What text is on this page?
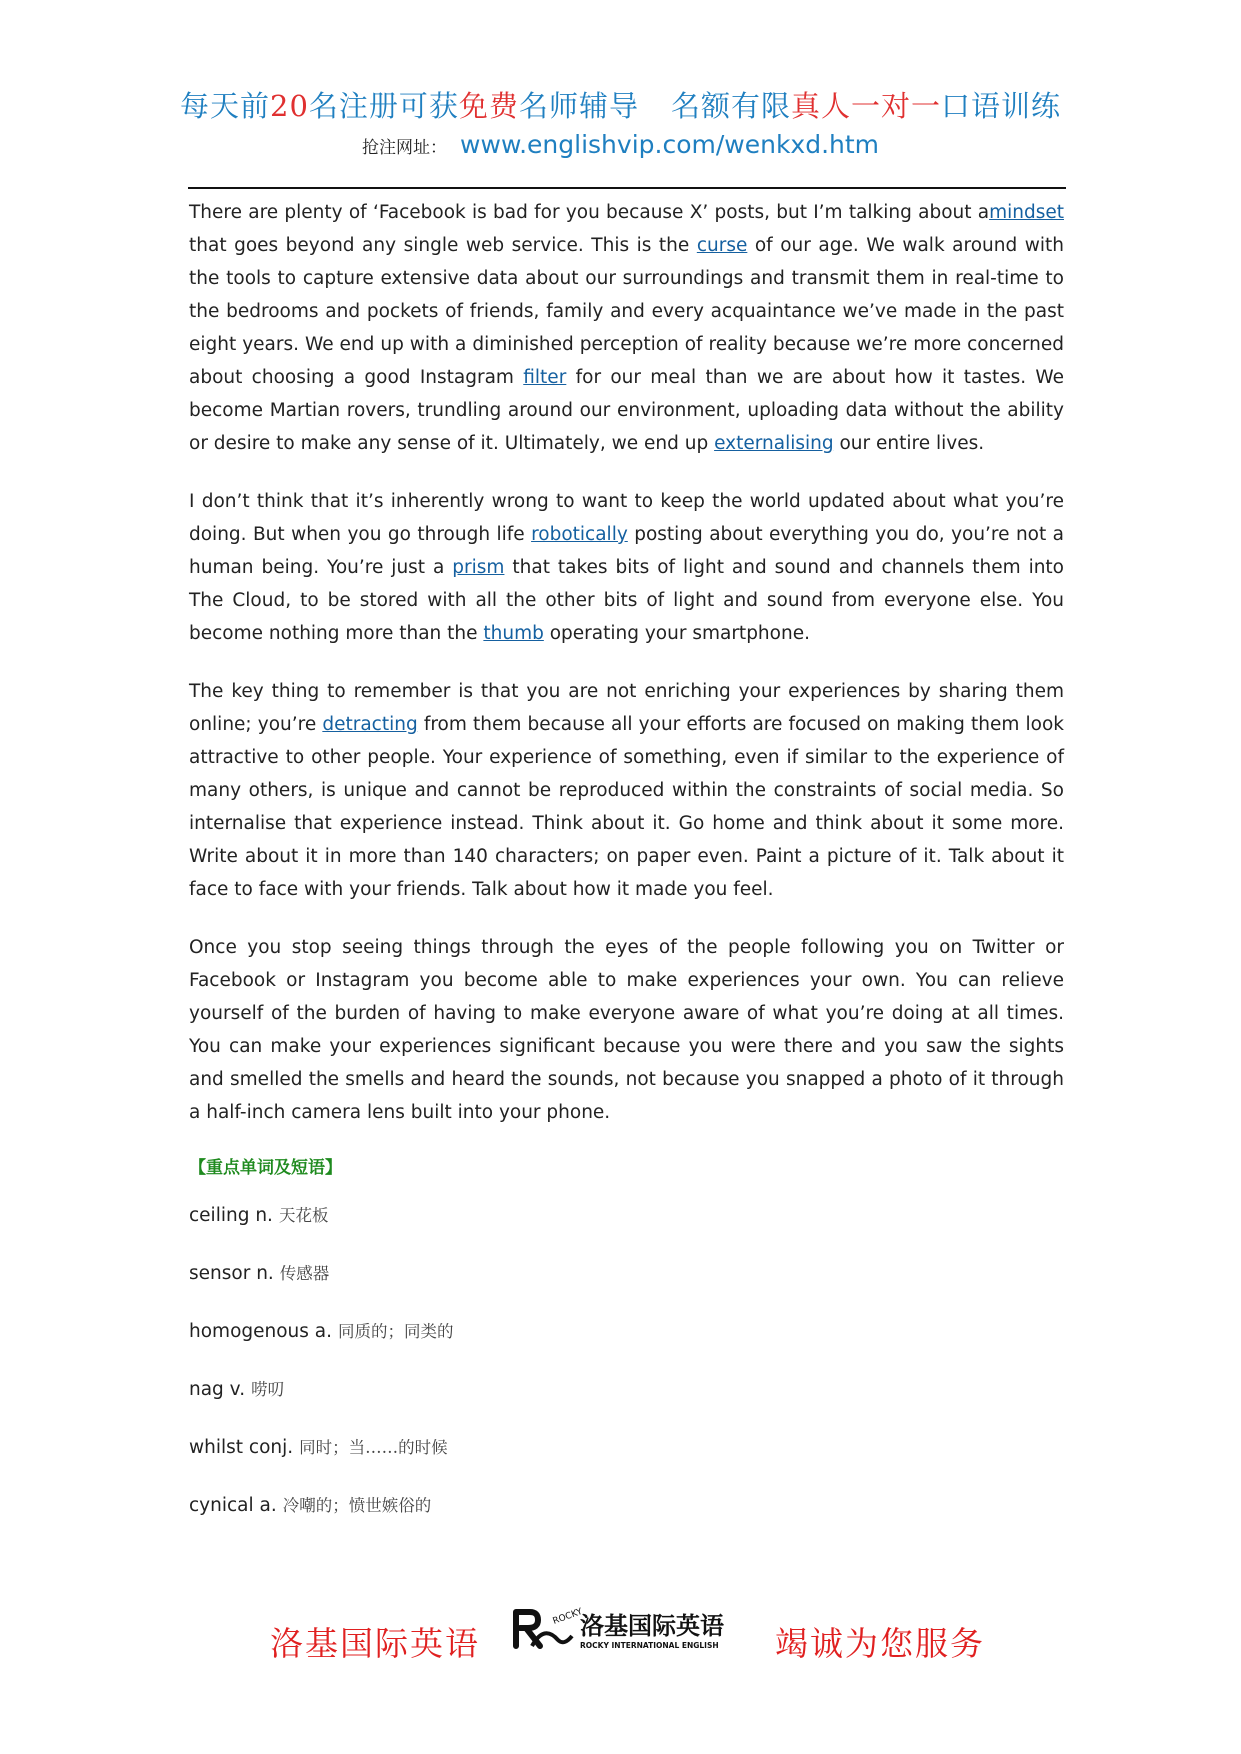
每天前20名注册可获免费名师辅导 名额有限真人一对一口语训练
抢注网址： www.englishvip.com/wenkxd.htm

There are plenty of ‘Facebook is bad for you because X’ posts, but I’m talking about amindset that goes beyond any single web service. This is the curse of our age. We walk around with the tools to capture extensive data about our surroundings and transmit them in real-time to the bedrooms and pockets of friends, family and every acquaintance we’ve made in the past eight years. We end up with a diminished perception of reality because we’re more concerned about choosing a good Instagram filter for our meal than we are about how it tastes. We become Martian rovers, trundling around our environment, uploading data without the ability or desire to make any sense of it. Ultimately, we end up externalising our entire lives.

I don’t think that it’s inherently wrong to want to keep the world updated about what you’re doing. But when you go through life robotically posting about everything you do, you’re not a human being. You’re just a prism that takes bits of light and sound and channels them into The Cloud, to be stored with all the other bits of light and sound from everyone else. You become nothing more than the thumb operating your smartphone.

The key thing to remember is that you are not enriching your experiences by sharing them online; you’re detracting from them because all your efforts are focused on making them look attractive to other people. Your experience of something, even if similar to the experience of many others, is unique and cannot be reproduced within the constraints of social media. So internalise that experience instead. Think about it. Go home and think about it some more. Write about it in more than 140 characters; on paper even. Paint a picture of it. Talk about it face to face with your friends. Talk about how it made you feel.

Once you stop seeing things through the eyes of the people following you on Twitter or Facebook or Instagram you become able to make experiences your own. You can relieve yourself of the burden of having to make everyone aware of what you’re doing at all times. You can make your experiences significant because you were there and you saw the sights and smelled the smells and heard the sounds, not because you snapped a photo of it through a half-inch camera lens built into your phone.

【重点单词及短语】
ceiling n. 天花板
sensor n. 传感器
homogenous a. 同质的；同类的
nag v. 唠叨
whilst conj. 同时；当……的时候
cynical a. 冷嘲的；愤世嫉俗的
洛基国际英语
ROCKY
洛基国际英语
ROCKY INTERNATIONAL ENGLISH 竭诚为您服务
